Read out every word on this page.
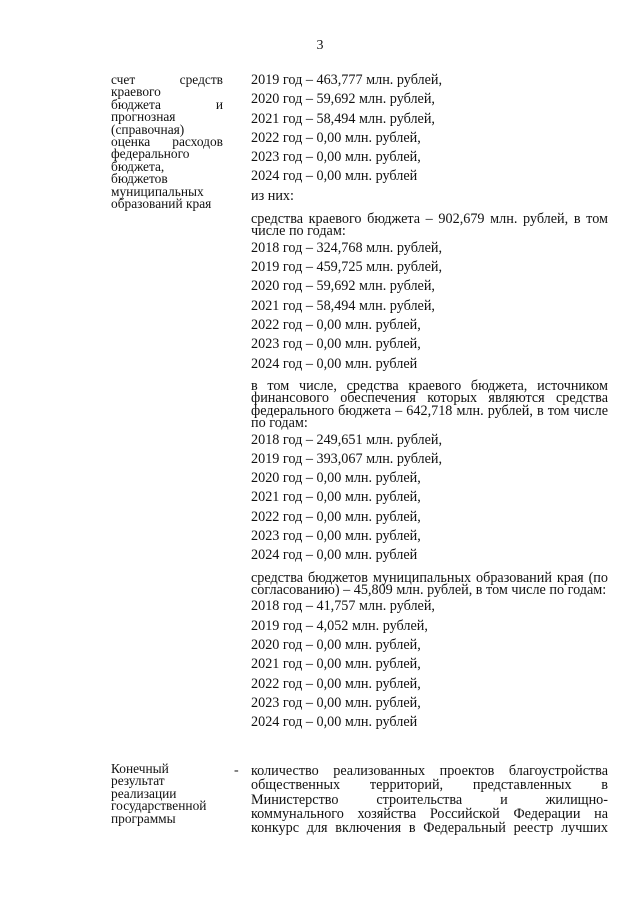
3
счет средств
краевого
бюджета и
прогнозная
(справочная)
оценка расходов
федерального
бюджета,
бюджетов
муниципальных
образований края
2019 год – 463,777 млн. рублей,
2020 год – 59,692 млн. рублей,
2021 год – 58,494 млн. рублей,
2022 год – 0,00 млн. рублей,
2023 год – 0,00 млн. рублей,
2024 год – 0,00 млн. рублей
из них:
средства краевого бюджета – 902,679 млн. рублей, в том числе по годам:
2018 год – 324,768 млн. рублей,
2019 год – 459,725 млн. рублей,
2020 год – 59,692 млн. рублей,
2021 год – 58,494 млн. рублей,
2022 год – 0,00 млн. рублей,
2023 год – 0,00 млн. рублей,
2024 год – 0,00 млн. рублей
в том числе, средства краевого бюджета, источником финансового обеспечения которых являются средства федерального бюджета – 642,718 млн. рублей, в том числе по годам:
2018 год – 249,651 млн. рублей,
2019 год – 393,067 млн. рублей,
2020 год – 0,00 млн. рублей,
2021 год – 0,00 млн. рублей,
2022 год – 0,00 млн. рублей,
2023 год – 0,00 млн. рублей,
2024 год – 0,00 млн. рублей
средства бюджетов муниципальных образований края (по согласованию) – 45,809 млн. рублей, в том числе по годам:
2018 год – 41,757 млн. рублей,
2019 год – 4,052 млн. рублей,
2020 год – 0,00 млн. рублей,
2021 год – 0,00 млн. рублей,
2022 год – 0,00 млн. рублей,
2023 год – 0,00 млн. рублей,
2024 год – 0,00 млн. рублей
Конечный
результат
реализации
государственной
программы
- количество реализованных проектов благоустройства
общественных территорий, представленных в
Министерство строительства и жилищно-
коммунального хозяйства Российской Федерации на
конкурс для включения в Федеральный реестр лучших
